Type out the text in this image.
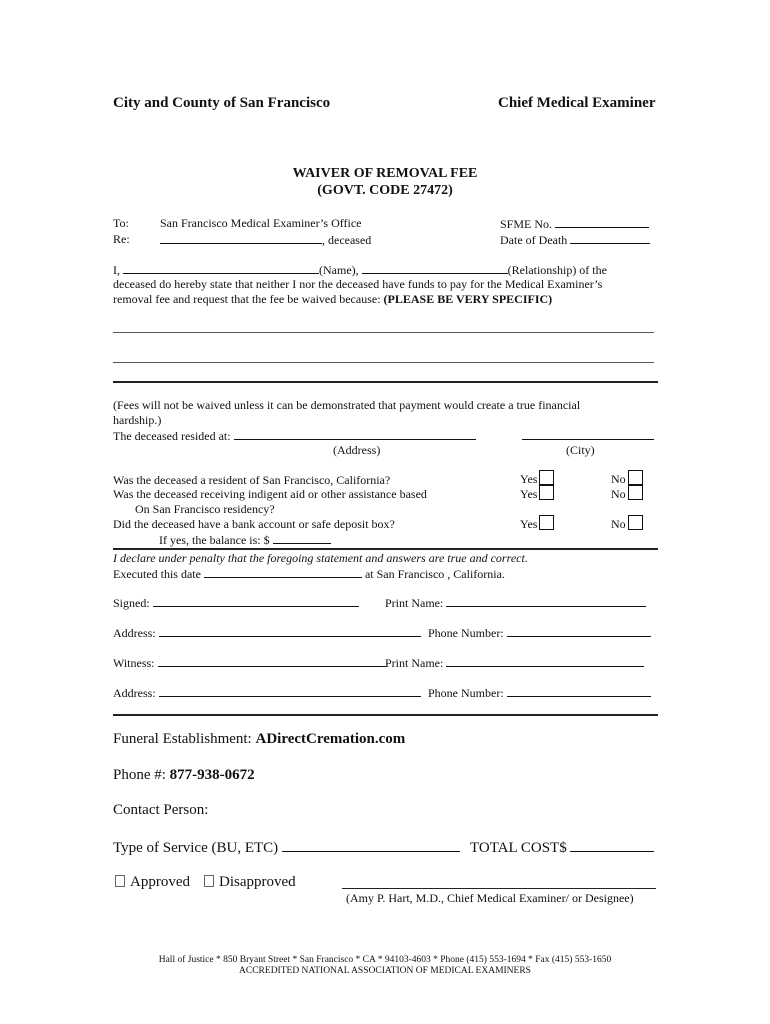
City and County of San Francisco	Chief Medical Examiner
WAIVER OF REMOVAL FEE
(GOVT. CODE 27472)
To:	San Francisco Medical Examiner’s Office	SFME No.
Re:	, deceased	Date of Death
I,	(Name),	(Relationship) of the
deceased do hereby state that neither I nor the deceased have funds to pay for the Medical Examiner’s
removal fee and request that the fee be waived because: (PLEASE BE VERY SPECIFIC)
(Fees will not be waived unless it can be demonstrated that payment would create a true financial
hardship.)
The deceased resided at:
(Address)	(City)
Was the deceased a resident of San Francisco, California?	Yes	No
Was the deceased receiving indigent aid or other assistance based	Yes	No
On San Francisco residency?
Did the deceased have a bank account or safe deposit box?	Yes	No
If yes, the balance is: $
I declare under penalty that the foregoing statement and answers are true and correct.
Executed this date	at San Francisco , California.
Signed:	Print Name:
Address:	Phone Number:
Witness:	Print Name:
Address:	Phone Number:
Funeral Establishment: ADirectCremation.com
Phone #: 877-938-0672
Contact Person:
Type of Service (BU, ETC)	TOTAL COST$
Approved	Disapproved
(Amy P. Hart, M.D., Chief Medical Examiner/ or Designee)
Hall of Justice * 850 Bryant Street * San Francisco * CA * 94103-4603 * Phone (415) 553-1694 * Fax (415) 553-1650
ACCREDITED NATIONAL ASSOCIATION OF MEDICAL EXAMINERS
